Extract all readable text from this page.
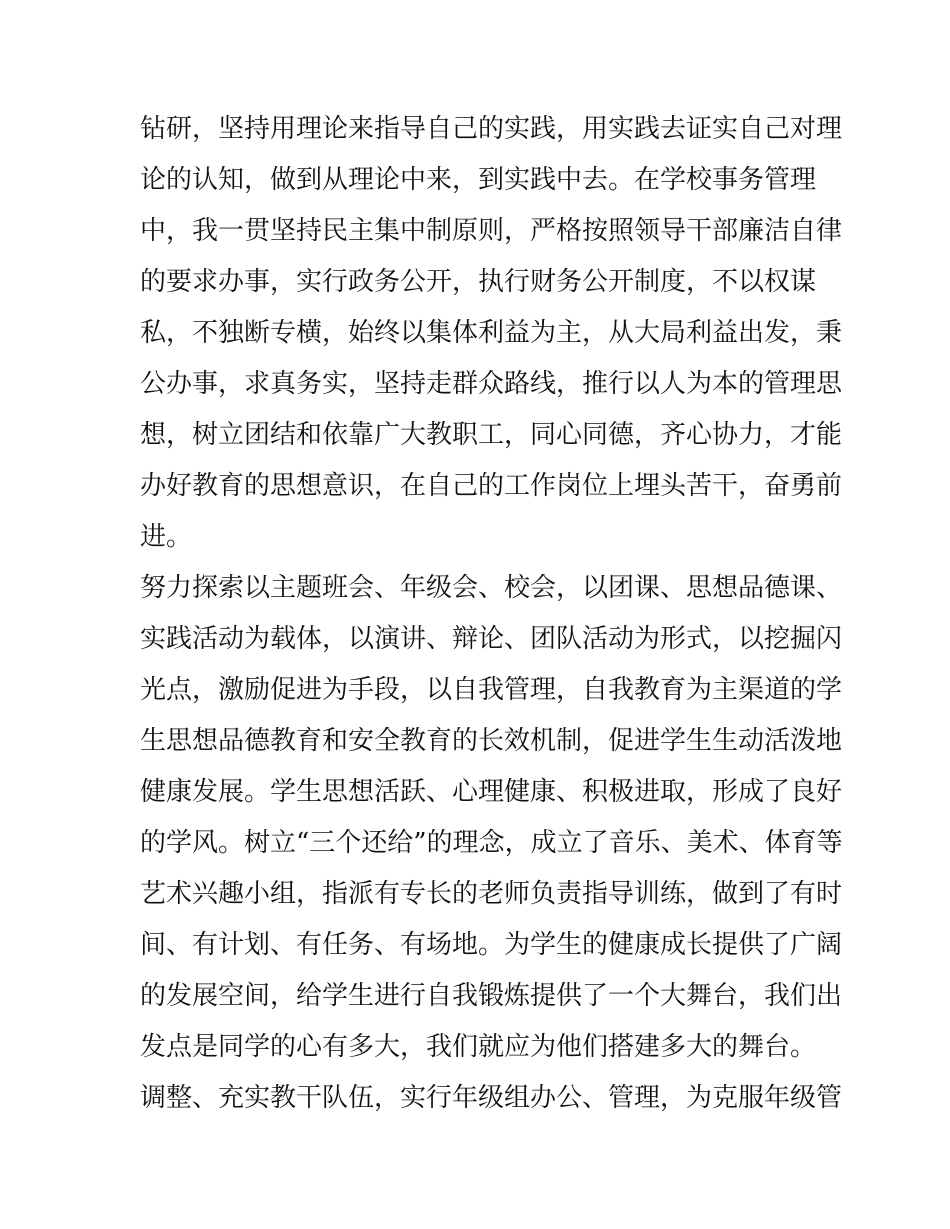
钻研，坚持用理论来指导自己的实践，用实践去证实自己对理
论的认知，做到从理论中来，到实践中去。在学校事务管理
中，我一贯坚持民主集中制原则，严格按照领导干部廉洁自律
的要求办事，实行政务公开，执行财务公开制度，不以权谋
私，不独断专横，始终以集体利益为主，从大局利益出发，秉
公办事，求真务实，坚持走群众路线，推行以人为本的管理思
想，树立团结和依靠广大教职工，同心同德，齐心协力，才能
办好教育的思想意识，在自己的工作岗位上埋头苦干，奋勇前
进。
努力探索以主题班会、年级会、校会，以团课、思想品德课、
实践活动为载体，以演讲、辩论、团队活动为形式，以挖掘闪
光点，激励促进为手段，以自我管理，自我教育为主渠道的学
生思想品德教育和安全教育的长效机制，促进学生生动活泼地
健康发展。学生思想活跃、心理健康、积极进取，形成了良好
的学风。树立“三个还给”的理念，成立了音乐、美术、体育等
艺术兴趣小组，指派有专长的老师负责指导训练，做到了有时
间、有计划、有任务、有场地。为学生的健康成长提供了广阔
的发展空间，给学生进行自我锻炼提供了一个大舞台，我们出
发点是同学的心有多大，我们就应为他们搭建多大的舞台。
调整、充实教干队伍，实行年级组办公、管理，为克服年级管
